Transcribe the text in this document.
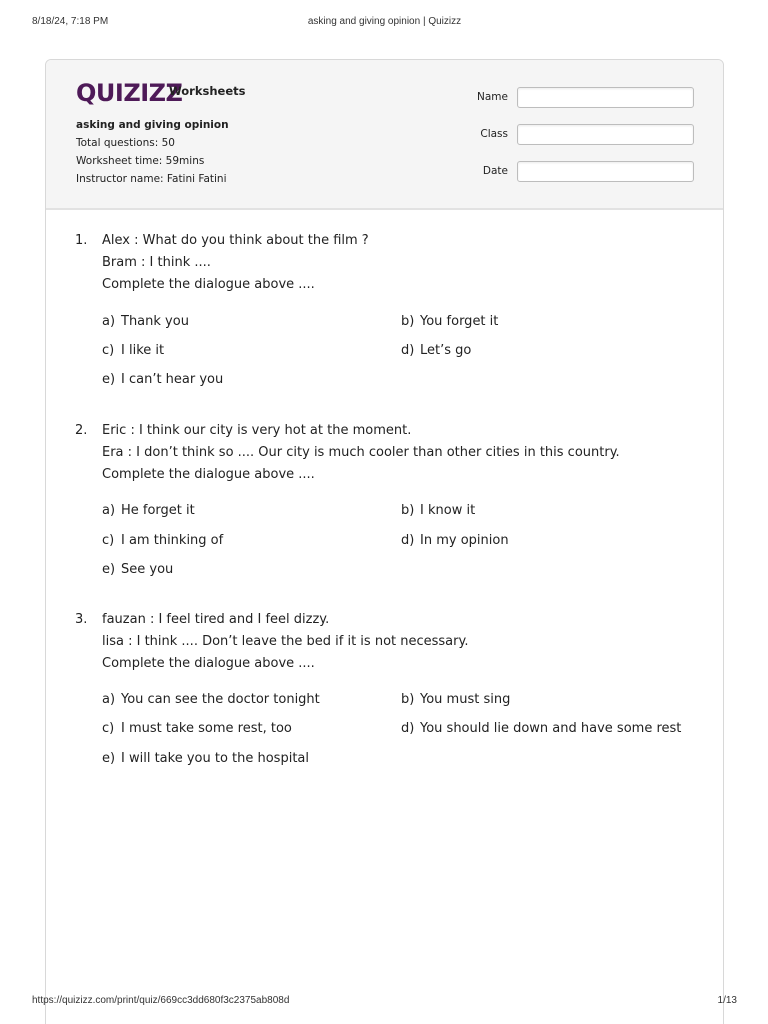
8/18/24, 7:18 PM	asking and giving opinion | Quizizz
QUIZIZZ
Worksheets
asking and giving opinion
Total questions: 50
Worksheet time: 59mins
Instructor name: Fatini Fatini
Name
Class
Date
1. Alex : What do you think about the film ?
Bram : I think ....
Complete the dialogue above ....
a) Thank you	b) You forget it
c) I like it	d) Let’s go
e) I can’t hear you
2. Eric : I think our city is very hot at the moment.
Era : I don’t think so .... Our city is much cooler than other cities in this country.
Complete the dialogue above ....
a) He forget it	b) I know it
c) I am thinking of	d) In my opinion
e) See you
3. fauzan : I feel tired and I feel dizzy.
lisa : I think .... Don’t leave the bed if it is not necessary.
Complete the dialogue above ....
a) You can see the doctor tonight	b) You must sing
c) I must take some rest, too	d) You should lie down and have some rest
e) I will take you to the hospital
https://quizizz.com/print/quiz/669cc3dd680f3c2375ab808d	1/13
